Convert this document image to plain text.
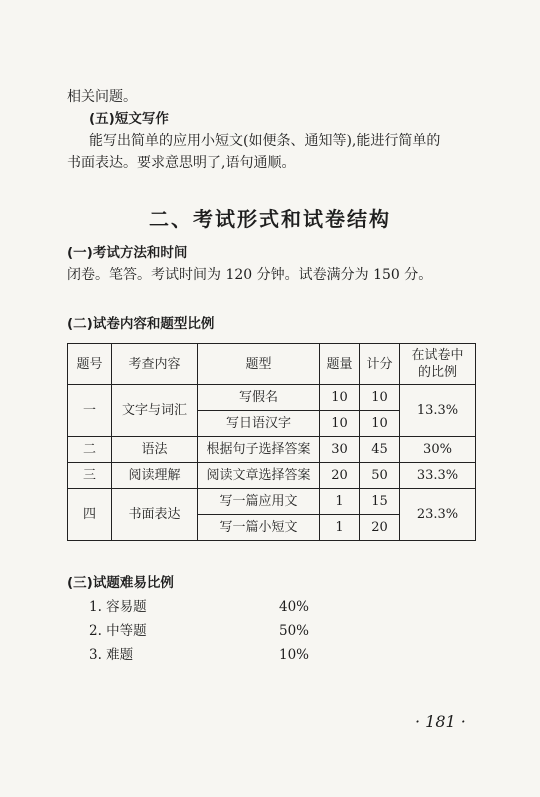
相关问题。
(五)短文写作
能写出简单的应用小短文(如便条、通知等),能进行简单的
书面表达。要求意思明了,语句通顺。
二、考试形式和试卷结构
(一)考试方法和时间
闭卷。笔答。考试时间为 120 分钟。试卷满分为 150 分。
(二)试卷内容和题型比例
题号	考查内容	题型	题量	计分	在试卷中的比例

一	文字与词汇	写假名	10	10	13.3%
		写日语汉字	10	10	
二	语法	根据句子选择答案	30	45	30%
三	阅读理解	阅读文章选择答案	20	50	33.3%
四	书面表达	写一篇应用文	1	15	23.3%
		写一篇小短文	1	20	
(三)试题难易比例
1. 容易题	40%
2. 中等题	50%
3. 难题	10%
· 181 ·
